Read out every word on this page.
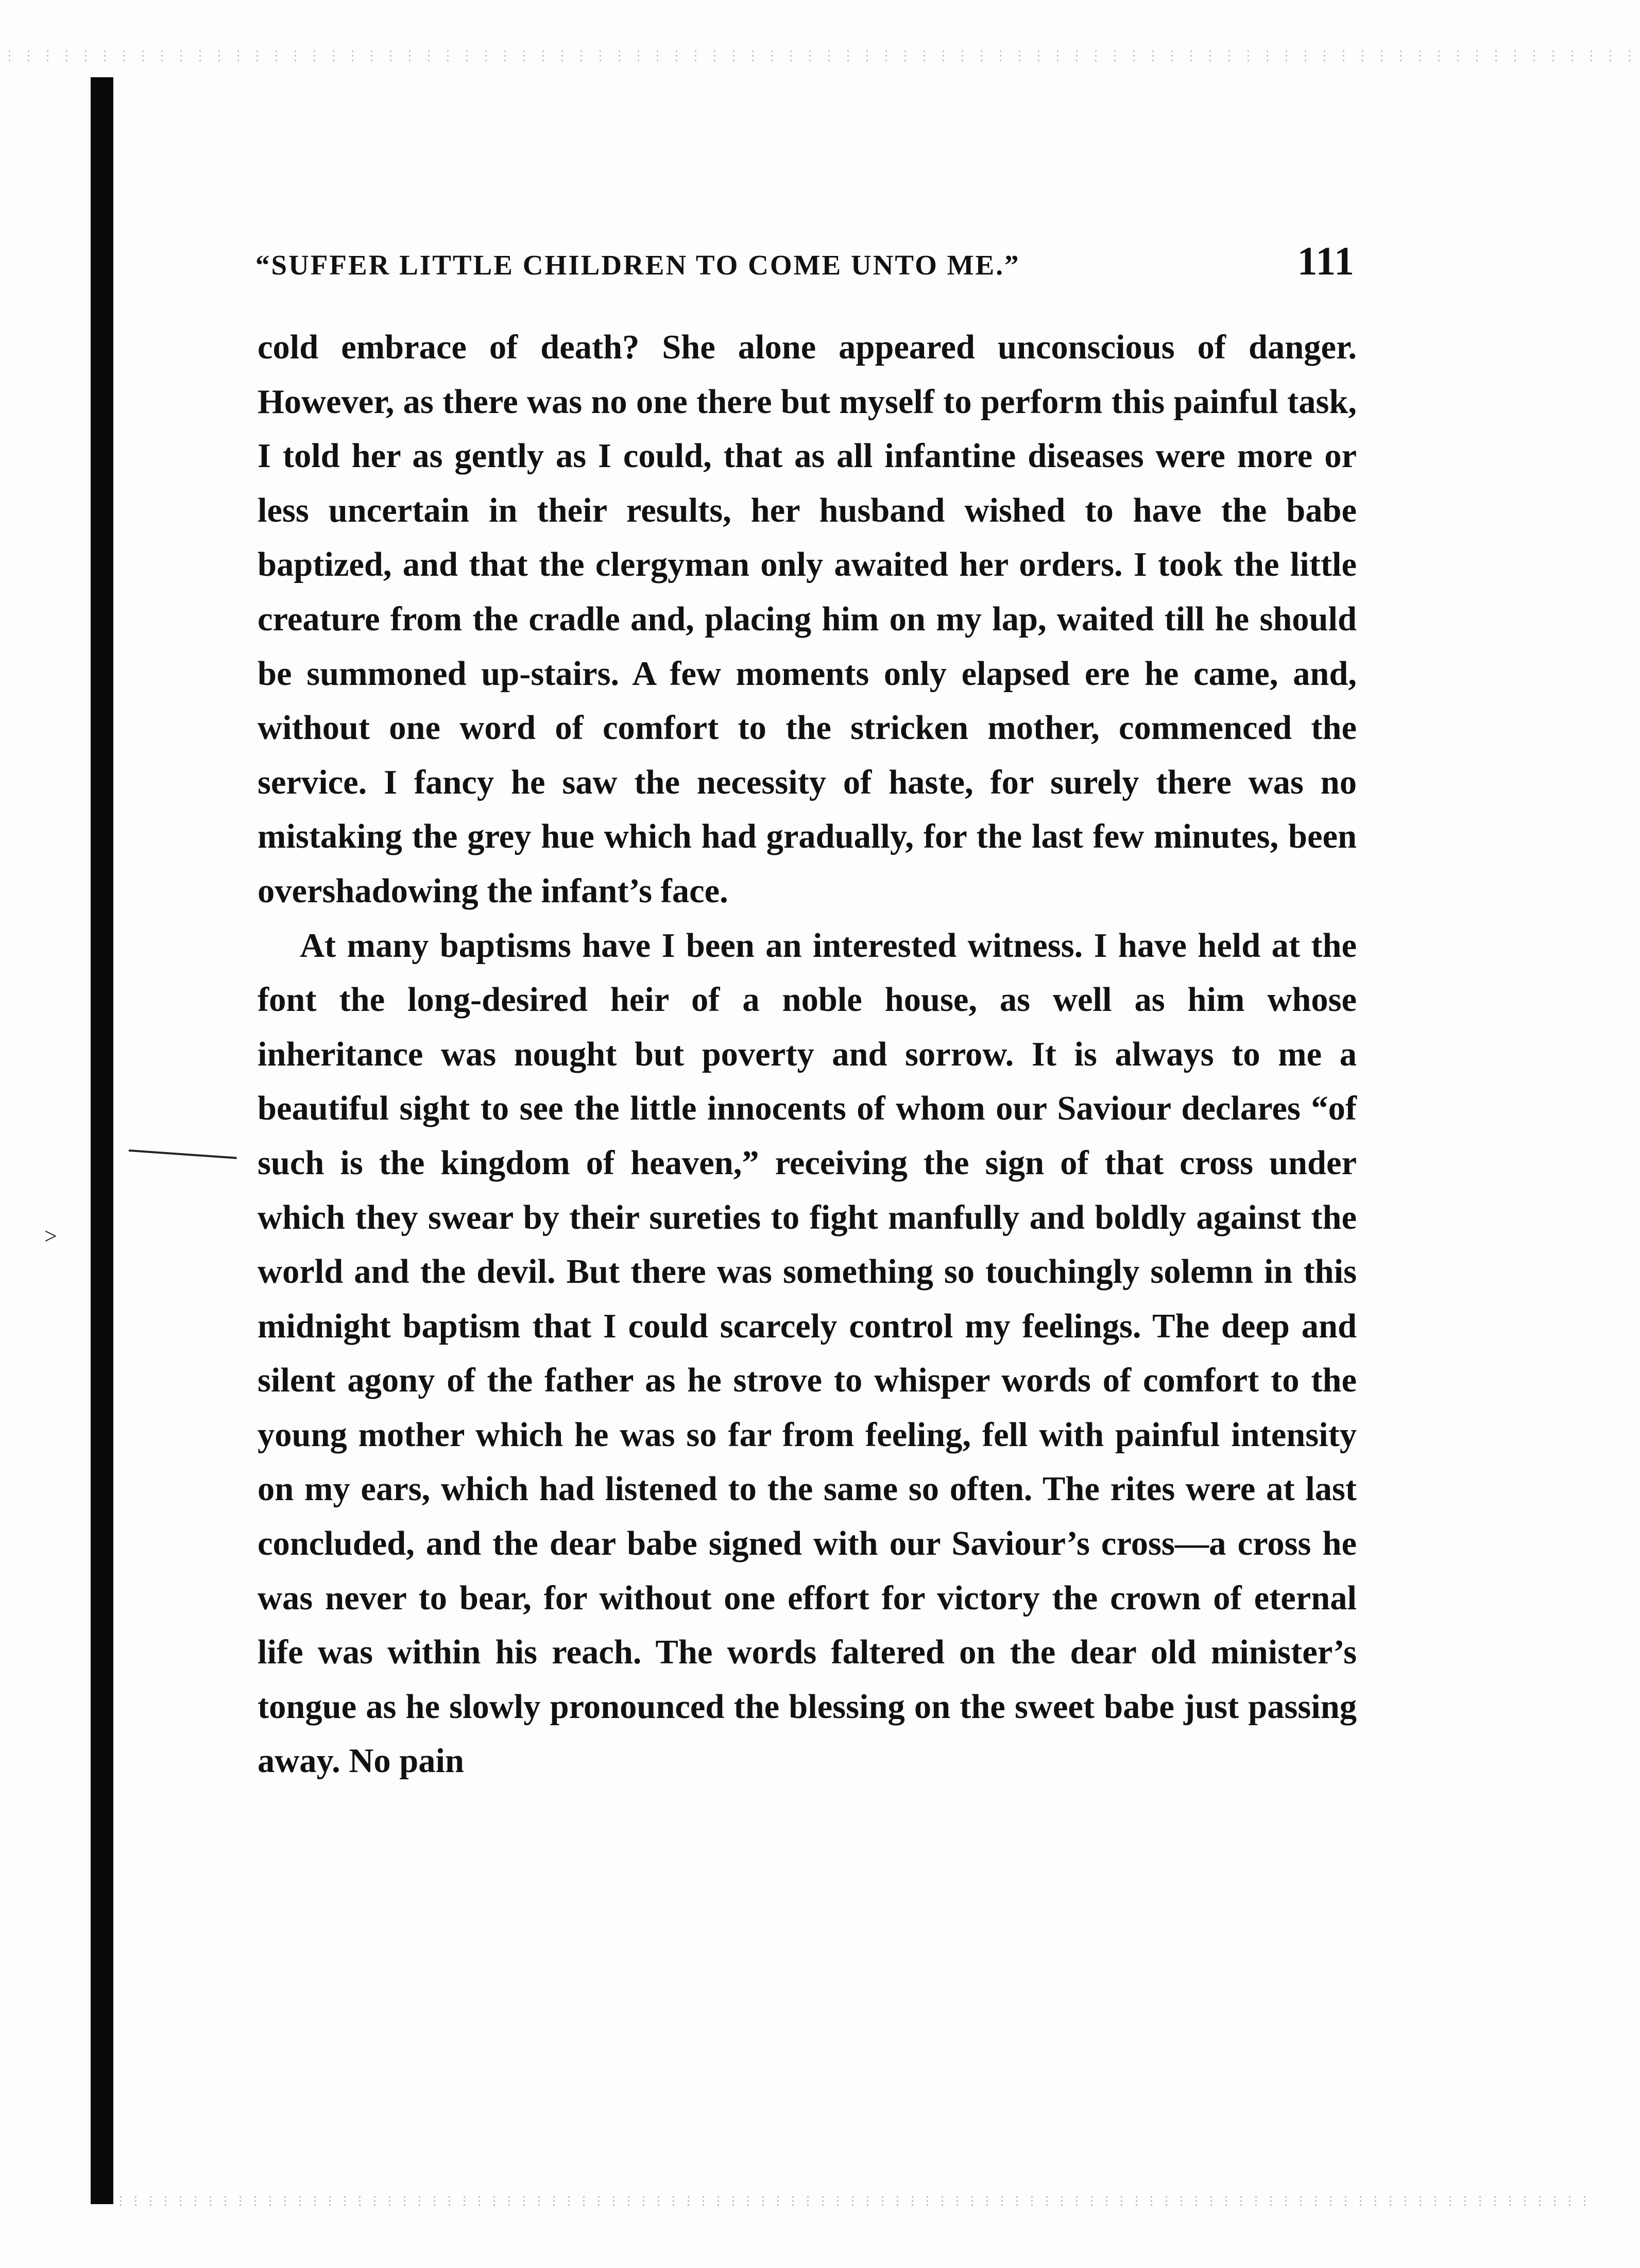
>
“SUFFER LITTLE CHILDREN TO COME UNTO ME.”	111

cold embrace of death? She alone appeared unconscious of danger. However, as there was no one there but myself to perform this painful task, I told her as gently as I could, that as all infantine diseases were more or less uncertain in their results, her husband wished to have the babe baptized, and that the clergyman only awaited her orders. I took the little creature from the cradle and, placing him on my lap, waited till he should be summoned up-stairs. A few moments only elapsed ere he came, and, without one word of comfort to the stricken mother, commenced the service. I fancy he saw the necessity of haste, for surely there was no mistaking the grey hue which had gradually, for the last few minutes, been overshadowing the infant’s face.

At many baptisms have I been an interested witness. I have held at the font the long-desired heir of a noble house, as well as him whose inheritance was nought but poverty and sorrow. It is always to me a beautiful sight to see the little innocents of whom our Saviour declares “of such is the kingdom of heaven,” receiving the sign of that cross under which they swear by their sureties to fight manfully and boldly against the world and the devil. But there was something so touchingly solemn in this midnight baptism that I could scarcely control my feelings. The deep and silent agony of the father as he strove to whisper words of comfort to the young mother which he was so far from feeling, fell with painful intensity on my ears, which had listened to the same so often. The rites were at last concluded, and the dear babe signed with our Saviour’s cross—a cross he was never to bear, for without one effort for victory the crown of eternal life was within his reach. The words faltered on the dear old minister’s tongue as he slowly pronounced the blessing on the sweet babe just passing away. No pain
